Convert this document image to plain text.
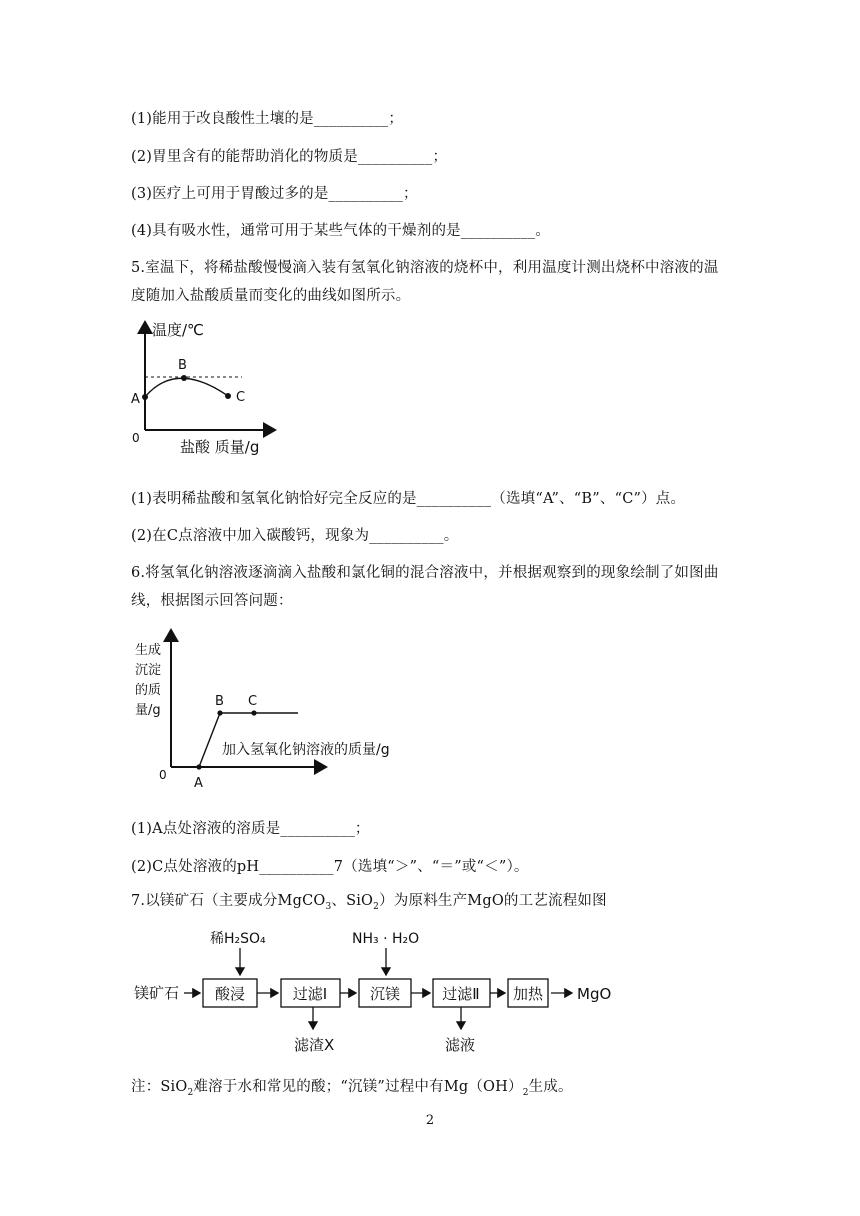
(1)能用于改良酸性土壤的是__________；
(2)胃里含有的能帮助消化的物质是__________；
(3)医疗上可用于胃酸过多的是__________；
(4)具有吸水性，通常可用于某些气体的干燥剂的是__________。
5.室温下，将稀盐酸慢慢滴入装有氢氧化钠溶液的烧杯中，利用温度计测出烧杯中溶液的温
度随加入盐酸质量而变化的曲线如图所示。
(1)表明稀盐酸和氢氧化钠恰好完全反应的是__________（选填“A”、“B”、“C”）点。
(2)在C点溶液中加入碳酸钙，现象为__________。
6.将氢氧化钠溶液逐滴滴入盐酸和氯化铜的混合溶液中，并根据观察到的现象绘制了如图曲
线，根据图示回答问题：
(1)A点处溶液的溶质是__________；
(2)C点处溶液的pH__________7（选填“＞”、“＝”或“＜”）。
7.以镁矿石（主要成分MgCO$_3$、SiO$_2$）为原料生产MgO的工艺流程如图
注：SiO$_2$难溶于水和常见的酸；“沉镁”过程中有$Mg(OH)_2$生成。
2
温度/℃
盐酸 质量/g
0
A
B
C
生成
沉淀
的质
量/g
加入氢氧化钠溶液的质量/g
0
A
B C
镁矿石 酸浸	过滤Ⅰ	沉镁	过滤Ⅱ 加热 MgO
稀H₂SO₄	NH₃ · H₂O
滤渣X	滤液
